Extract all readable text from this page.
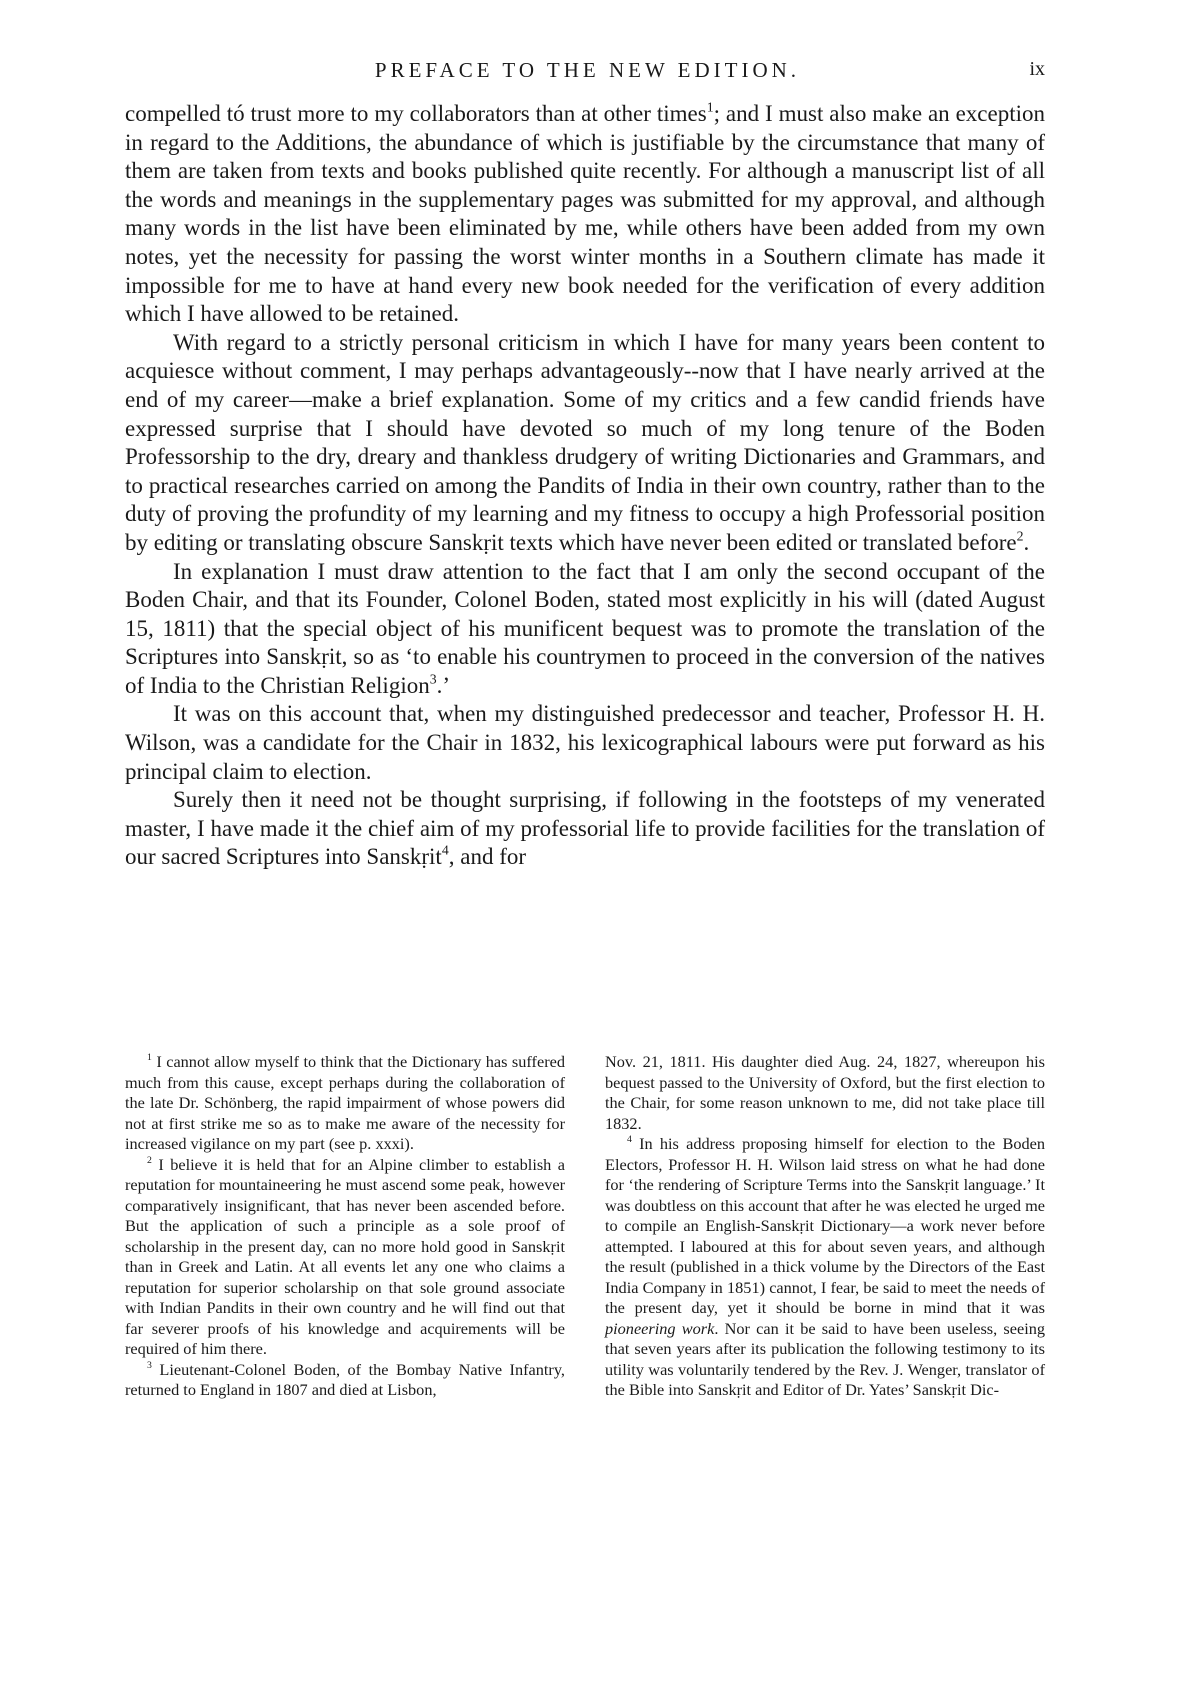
PREFACE TO THE NEW EDITION.	ix

compelled tó trust more to my collaborators than at other times$^1$; and I must also make an exception in regard to the Additions, the abundance of which is justifiable by the circumstance that many of them are taken from texts and books published quite recently. For although a manuscript list of all the words and meanings in the supplementary pages was submitted for my approval, and although many words in the list have been eliminated by me, while others have been added from my own notes, yet the necessity for passing the worst winter months in a Southern climate has made it impossible for me to have at hand every new book needed for the verification of every addition which I have allowed to be retained.

With regard to a strictly personal criticism in which I have for many years been content to acquiesce without comment, I may perhaps advantageously--now that I have nearly arrived at the end of my career—make a brief explanation. Some of my critics and a few candid friends have expressed surprise that I should have devoted so much of my long tenure of the Boden Professorship to the dry, dreary and thankless drudgery of writing Dictionaries and Grammars, and to practical researches carried on among the Pandits of India in their own country, rather than to the duty of proving the profundity of my learning and my fitness to occupy a high Professorial position by editing or translating obscure Sanskṛit texts which have never been edited or translated before$^2$.

In explanation I must draw attention to the fact that I am only the second occupant of the Boden Chair, and that its Founder, Colonel Boden, stated most explicitly in his will (dated August 15, 1811) that the special object of his munificent bequest was to promote the translation of the Scriptures into Sanskṛit, so as ‘to enable his countrymen to proceed in the conversion of the natives of India to the Christian Religion$^3$.’

It was on this account that, when my distinguished predecessor and teacher, Professor H. H. Wilson, was a candidate for the Chair in 1832, his lexicographical labours were put forward as his principal claim to election.

Surely then it need not be thought surprising, if following in the footsteps of my venerated master, I have made it the chief aim of my professorial life to provide facilities for the translation of our sacred Scriptures into Sanskṛit$^4$, and for

$^1$ I cannot allow myself to think that the Dictionary has suffered much from this cause, except perhaps during the collaboration of the late Dr. Schönberg, the rapid impairment of whose powers did not at first strike me so as to make me aware of the necessity for increased vigilance on my part (see p. xxxi).

$^2$ I believe it is held that for an Alpine climber to establish a reputation for mountaineering he must ascend some peak, however comparatively insignificant, that has never been ascended before. But the application of such a principle as a sole proof of scholarship in the present day, can no more hold good in Sanskṛit than in Greek and Latin. At all events let any one who claims a reputation for superior scholarship on that sole ground associate with Indian Pandits in their own country and he will find out that far severer proofs of his knowledge and acquirements will be required of him there.

$^3$ Lieutenant-Colonel Boden, of the Bombay Native Infantry, returned to England in 1807 and died at Lisbon,

Nov. 21, 1811. His daughter died Aug. 24, 1827, whereupon his bequest passed to the University of Oxford, but the first election to the Chair, for some reason unknown to me, did not take place till 1832.

$^4$ In his address proposing himself for election to the Boden Electors, Professor H. H. Wilson laid stress on what he had done for ‘the rendering of Scripture Terms into the Sanskṛit language.’ It was doubtless on this account that after he was elected he urged me to compile an English-Sanskṛit Dictionary—a work never before attempted. I laboured at this for about seven years, and although the result (published in a thick volume by the Directors of the East India Company in 1851) cannot, I fear, be said to meet the needs of the present day, yet it should be borne in mind that it was pioneering work. Nor can it be said to have been useless, seeing that seven years after its publication the following testimony to its utility was voluntarily tendered by the Rev. J. Wenger, translator of the Bible into Sanskṛit and Editor of Dr. Yates’ Sanskṛit Dic-
